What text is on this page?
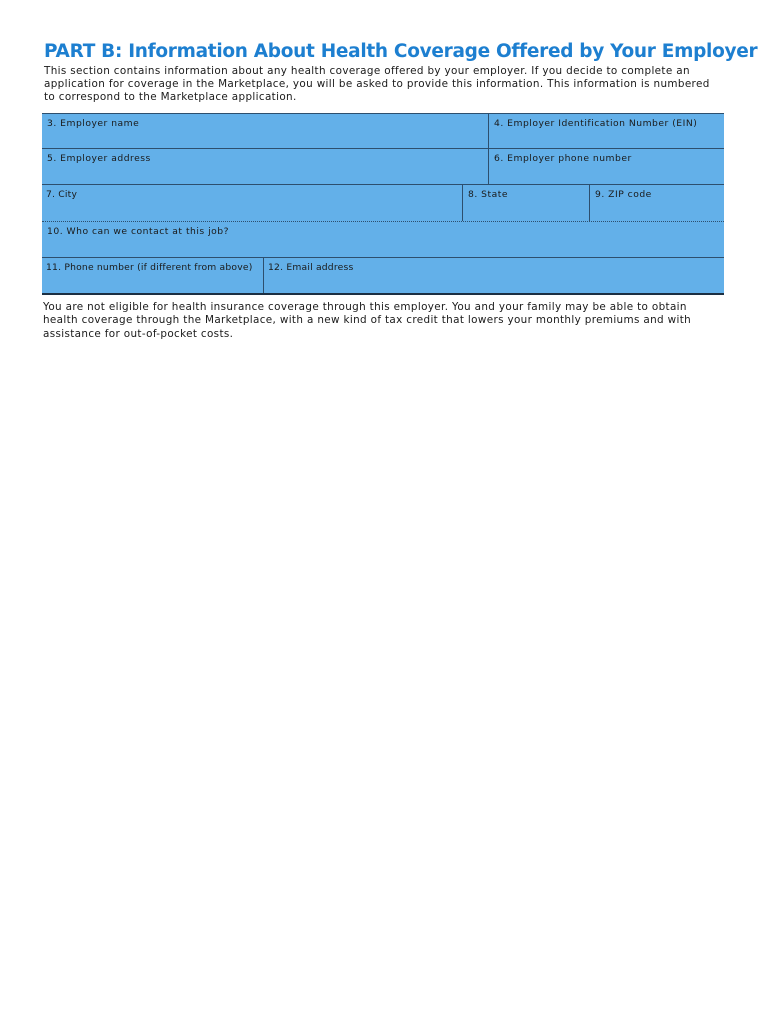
PART B: Information About Health Coverage Offered by Your Employer
This section contains information about any health coverage offered by your employer. If you decide to complete an application for coverage in the Marketplace, you will be asked to provide this information. This information is numbered to correspond to the Marketplace application.
3. Employer name	4. Employer Identification Number (EIN)
5. Employer address	6. Employer phone number
7. City	8. State	9. ZIP code
10. Who can we contact at this job?
11. Phone number (if different from above) 12. Email address
You are not eligible for health insurance coverage through this employer. You and your family may be able to obtain health coverage through the Marketplace, with a new kind of tax credit that lowers your monthly premiums and with assistance for out-of-pocket costs.
